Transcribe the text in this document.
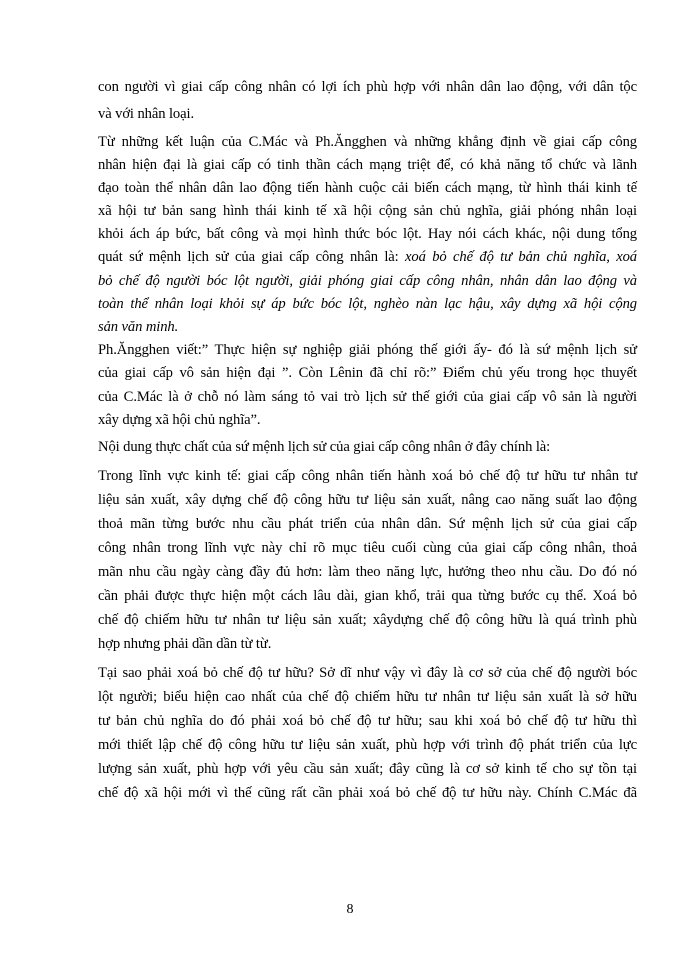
con người vì giai cấp công nhân có lợi ích phù hợp với nhân dân lao động, với dân tộc
và với nhân loại.
Từ những kết luận của C.Mác và Ph.Ăngghen và những khẳng định về giai cấp công
nhân hiện đại là giai cấp có tinh thần cách mạng triệt để, có khả năng tổ chức và lãnh
đạo toàn thể nhân dân lao động tiến hành cuộc cải biến cách mạng, từ hình thái kinh tế
xã hội tư bản sang hình thái kinh tế xã hội cộng sản chủ nghĩa, giải phóng nhân loại
khỏi ách áp bức, bất công và mọi hình thức bóc lột. Hay nói cách khác, nội dung tổng
quát sứ mệnh lịch sử của giai cấp công nhân là: xoá bỏ chế độ tư bản chủ nghĩa, xoá
bỏ chế độ người bóc lột người, giải phóng giai cấp công nhân, nhân dân lao động và
toàn thể nhân loại khỏi sự áp bức bóc lột, nghèo nàn lạc hậu, xây dựng xã hội cộng
sản văn minh.
Ph.Ăngghen viết:” Thực hiện sự nghiệp giải phóng thế giới ấy- đó là sứ mệnh lịch sử
của giai cấp vô sản hiện đại ”. Còn Lênin đã chỉ rõ:” Điểm chủ yếu trong học thuyết
của C.Mác là ở chỗ nó làm sáng tỏ vai trò lịch sử thế giới của giai cấp vô sản là người
xây dựng xã hội chủ nghĩa”.
Nội dung thực chất của sứ mệnh lịch sử của giai cấp công nhân ở đây chính là:
Trong lĩnh vực kinh tế: giai cấp công nhân tiến hành xoá bỏ chế độ tư hữu tư nhân tư
liệu sản xuất, xây dựng chế độ công hữu tư liệu sản xuất, nâng cao năng suất lao động
thoả mãn từng bước nhu cầu phát triển của nhân dân. Sứ mệnh lịch sử của giai cấp
công nhân trong lĩnh vực này chỉ rõ mục tiêu cuối cùng của giai cấp công nhân, thoả
mãn nhu cầu ngày càng đầy đủ hơn: làm theo năng lực, hưởng theo nhu cầu. Do đó nó
cần phải được thực hiện một cách lâu dài, gian khổ, trải qua từng bước cụ thể. Xoá bỏ
chế độ chiếm hữu tư nhân tư liệu sản xuất; xâydựng chế độ công hữu là quá trình phù
hợp nhưng phải dần dần từ từ.
Tại sao phải xoá bỏ chế độ tư hữu? Sở dĩ như vậy vì đây là cơ sở của chế độ người bóc
lột người; biểu hiện cao nhất của chế độ chiếm hữu tư nhân tư liệu sản xuất là sở hữu
tư bản chủ nghĩa do đó phải xoá bỏ chế độ tư hữu; sau khi xoá bỏ chế độ tư hữu thì
mới thiết lập chế độ công hữu tư liệu sản xuất, phù hợp với trình độ phát triển của lực
lượng sản xuất, phù hợp với yêu cầu sản xuất; đây cũng là cơ sở kinh tế cho sự tồn tại
chế độ xã hội mới vì thế cũng rất cần phải xoá bỏ chế độ tư hữu này. Chính C.Mác đã
8
